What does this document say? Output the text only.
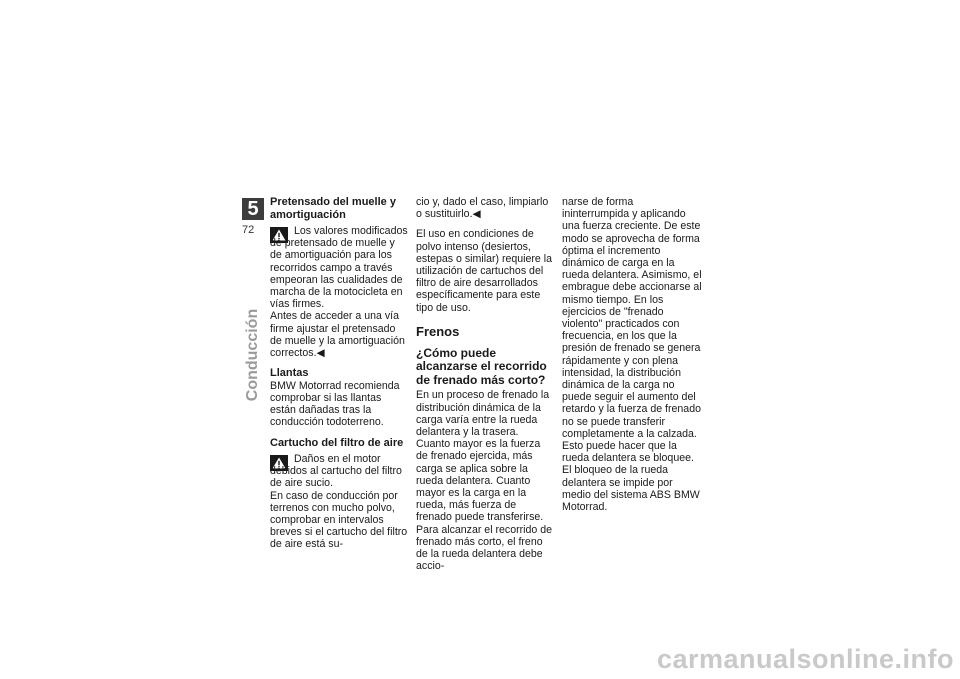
5
72
Conducción
Pretensado del muelle y amortiguación

Los valores modificados de pretensado de muelle y de amortiguación para los recorridos campo a través empeoran las cualidades de marcha de la motocicleta en vías firmes.

Antes de acceder a una vía firme ajustar el pretensado de muelle y la amortiguación correctos.◀

Llantas

BMW Motorrad recomienda comprobar si las llantas están dañadas tras la conducción todoterreno.

Cartucho del filtro de aire

Daños en el motor debidos al cartucho del filtro de aire sucio.

En caso de conducción por terrenos con mucho polvo, comprobar en intervalos breves si el cartucho del filtro de aire está su-

cio y, dado el caso, limpiarlo o sustituirlo.◀

El uso en condiciones de polvo intenso (desiertos, estepas o similar) requiere la utilización de cartuchos del filtro de aire desarrollados específicamente para este tipo de uso.

Frenos
¿Cómo puede alcanzarse el recorrido de frenado más corto?

En un proceso de frenado la distribución dinámica de la carga varía entre la rueda delantera y la trasera. Cuanto mayor es la fuerza de frenado ejercida, más carga se aplica sobre la rueda delantera. Cuanto mayor es la carga en la rueda, más fuerza de frenado puede transferirse.

Para alcanzar el recorrido de frenado más corto, el freno de la rueda delantera debe accio-

narse de forma ininterrumpida y aplicando una fuerza creciente. De este modo se aprovecha de forma óptima el incremento dinámico de carga en la rueda delantera. Asimismo, el embrague debe accionarse al mismo tiempo. En los ejercicios de "frenado violento" practicados con frecuencia, en los que la presión de frenado se genera rápidamente y con plena intensidad, la distribución dinámica de la carga no puede seguir el aumento del retardo y la fuerza de frenado no se puede transferir completamente a la calzada. Esto puede hacer que la rueda delantera se bloquee.

El bloqueo de la rueda delantera se impide por medio del sistema ABS BMW Motorrad.

carmanualsonline.info
